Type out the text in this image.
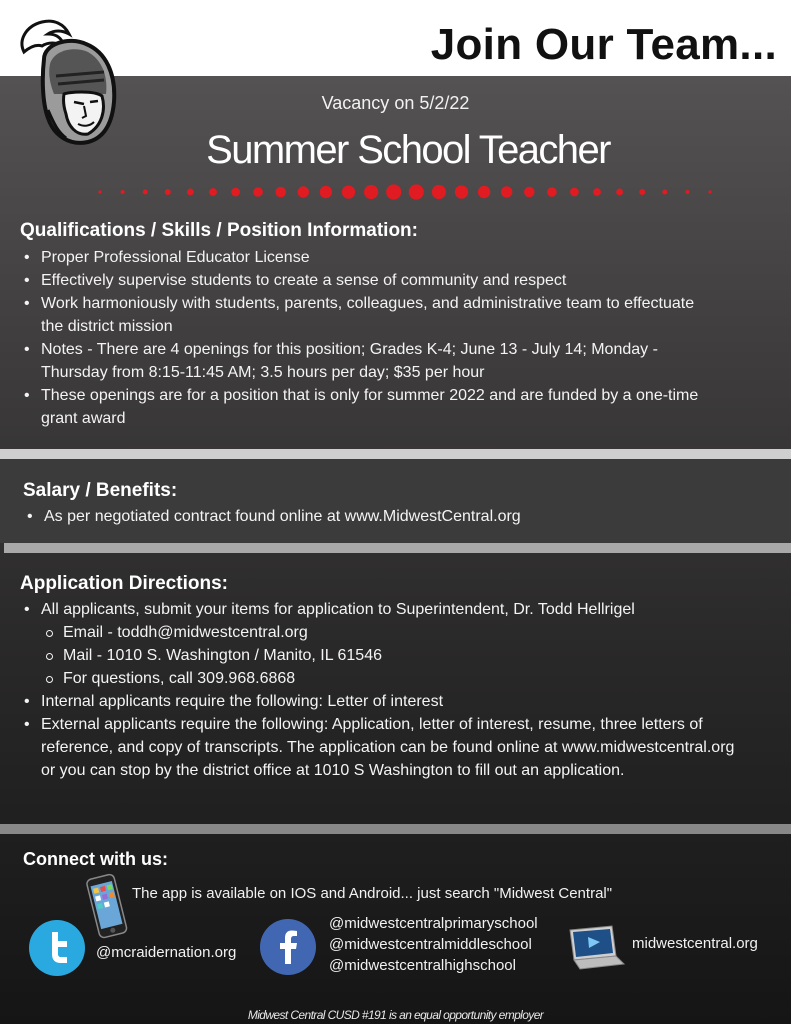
Join Our Team...
Vacancy on 5/2/22
Summer School Teacher
Qualifications / Skills / Position Information:
• Proper Professional Educator License
• Effectively supervise students to create a sense of community and respect
• Work harmoniously with students, parents, colleagues, and administrative team to effectuate the district mission
• Notes - There are 4 openings for this position; Grades K-4; June 13 - July 14; Monday - Thursday from 8:15-11:45 AM; 3.5 hours per day; $35 per hour
• These openings are for a position that is only for summer 2022 and are funded by a one-time grant award
Salary / Benefits:
• As per negotiated contract found online at www.MidwestCentral.org
Application Directions:
• All applicants, submit your items for application to Superintendent, Dr. Todd Hellrigel
Email - toddh@midwestcentral.org
Mail - 1010 S. Washington / Manito, IL 61546
For questions, call 309.968.6868
• Internal applicants require the following: Letter of interest
• External applicants require the following: Application, letter of interest, resume, three letters of reference, and copy of transcripts. The application can be found online at www.midwestcentral.org or you can stop by the district office at 1010 S Washington to fill out an application.
Connect with us:
The app is available on IOS and Android... just search "Midwest Central"
@mcraidernation.org
@midwestcentralprimaryschool
@midwestcentralmiddleschool
@midwestcentralhighschool
midwestcentral.org
Midwest Central CUSD #191 is an equal opportunity employer
